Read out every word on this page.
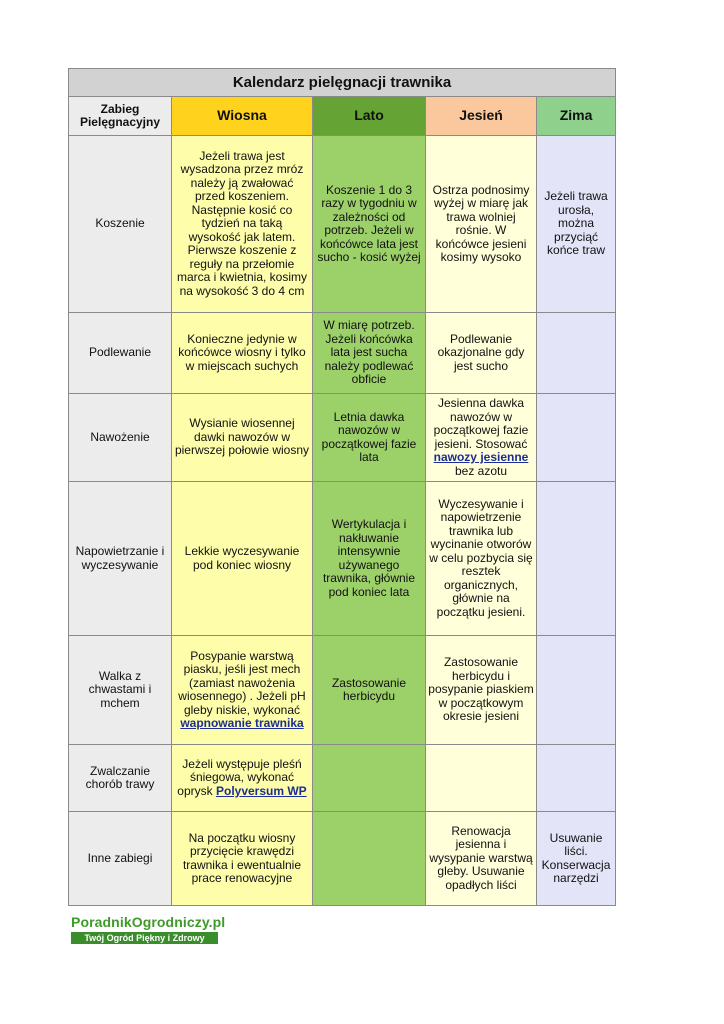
Kalendarz pielęgnacji trawnika				
Zabieg Pielęgnacyjny	Wiosna	Lato	Jesień	Zima
Koszenie	Jeżeli trawa jest wysadzona przez mróz należy ją zwałować przed koszeniem. Następnie kosić co tydzień na taką wysokość jak latem. Pierwsze koszenie z reguły na przełomie marca i kwietnia, kosimy na wysokość 3 do 4 cm	Koszenie 1 do 3 razy w tygodniu w zależności od potrzeb. Jeżeli w końcówce lata jest sucho - kosić wyżej	Ostrza podnosimy wyżej w miarę jak trawa wolniej rośnie. W końcówce jesieni kosimy wysoko	Jeżeli trawa urosła, można przyciąć końce traw
Podlewanie	Konieczne jedynie w końcówce wiosny i tylko w miejscach suchych	W miarę potrzeb. Jeżeli końcówka lata jest sucha należy podlewać obficie	Podlewanie okazjonalne gdy jest sucho	
Nawożenie	Wysianie wiosennej dawki nawozów w pierwszej połowie wiosny	Letnia dawka nawozów w początkowej fazie lata	Jesienna dawka nawozów w początkowej fazie jesieni. Stosować nawozy jesienne bez azotu	
Napowietrzanie i wyczesywanie	Lekkie wyczesywanie pod koniec wiosny	Wertykulacja i nakłuwanie intensywnie używanego trawnika, głównie pod koniec lata	Wyczesywanie i napowietrzenie trawnika lub wycinanie otworów w celu pozbycia się resztek organicznych, głównie na początku jesieni.	
Walka z chwastami i mchem	Posypanie warstwą piasku, jeśli jest mech (zamiast nawożenia wiosennego) . Jeżeli pH gleby niskie, wykonać wapnowanie trawnika	Zastosowanie herbicydu	Zastosowanie herbicydu i posypanie piaskiem w początkowym okresie jesieni	
Zwalczanie chorób trawy	Jeżeli występuje pleśń śniegowa, wykonać oprysk Polyversum WP			
Inne zabiegi	Na początku wiosny przycięcie krawędzi trawnika i ewentualnie prace renowacyjne		Renowacja jesienna i wysypanie warstwą gleby. Usuwanie opadłych liści	Usuwanie liści. Konserwacja narzędzi
PoradnikOgrodniczy.pl
Twój Ogród Piękny i Zdrowy
